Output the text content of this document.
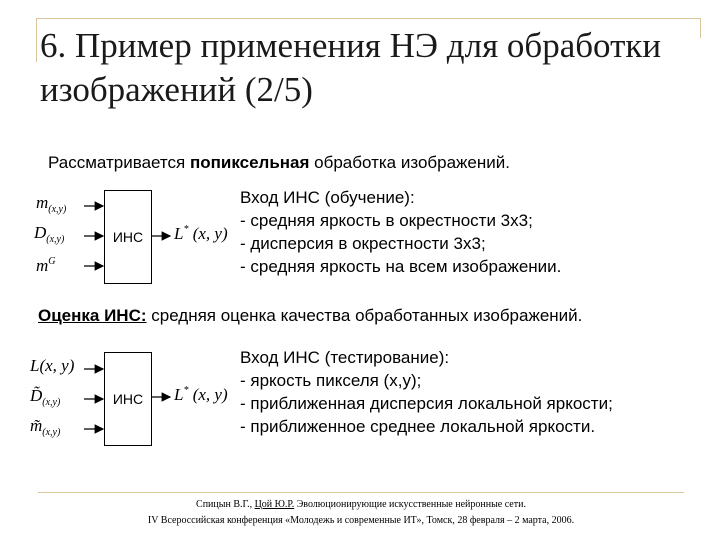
6. Пример применения НЭ для обработки изображений (2/5)
Рассматривается попиксельная обработка изображений.
$m_{(x,y)}$
$D_{(x,y)}$
$m^G$
ИНС L* (x, y)
Вход ИНС (обучение):
- средняя яркость в окрестности 3х3;
- дисперсия в окрестности 3х3;
- средняя яркость на всем изображении.
Оценка ИНС: средняя оценка качества обработанных изображений.
L(x, y)
$D̃_{(x,y)}$
$m̃_{(x,y)}$
ИНС L* (x, y)
Вход ИНС (тестирование):
- яркость пикселя (x,y);
- приближенная дисперсия локальной яркости;
- приближенное среднее локальной яркости.
Спицын В.Г., Цой Ю.Р. Эволюционирующие искусственные нейронные сети.
IV Всероссийская конференция «Молодежь и современные ИТ», Томск, 28 февраля – 2 марта, 2006.
